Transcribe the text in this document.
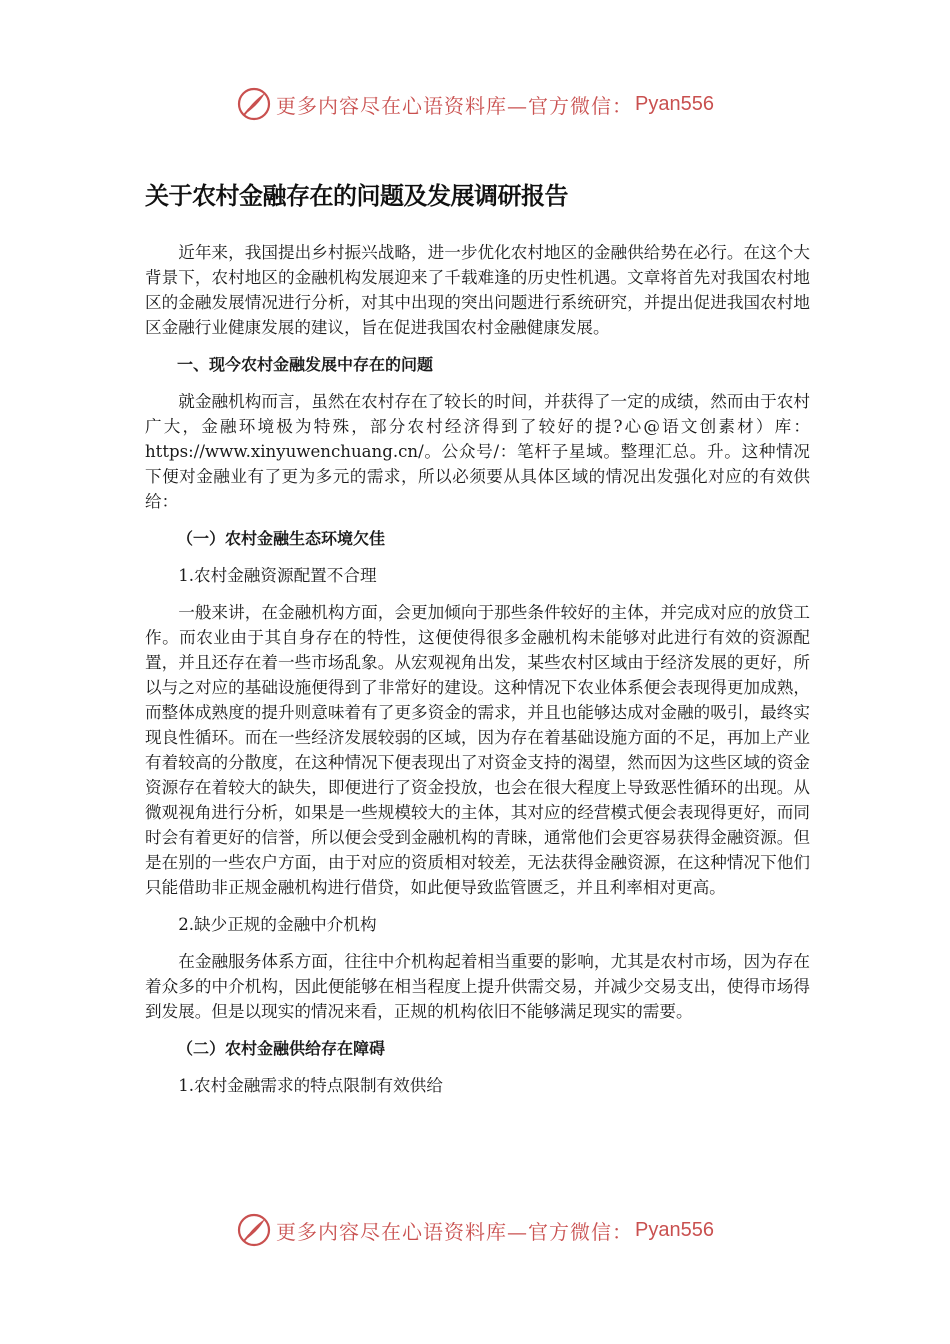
更多内容尽在心语资料库—官方微信： Pyan556
关于农村金融存在的问题及发展调研报告

近年来，我国提出乡村振兴战略，进一步优化农村地区的金融供给势在必行。在这个大背景下，农村地区的金融机构发展迎来了千载难逢的历史性机遇。文章将首先对我国农村地区的金融发展情况进行分析，对其中出现的突出问题进行系统研究，并提出促进我国农村地区金融行业健康发展的建议，旨在促进我国农村金融健康发展。

一、现今农村金融发展中存在的问题

就金融机构而言，虽然在农村存在了较长的时间，并获得了一定的成绩，然而由于农村广大，金融环境极为特殊，部分农村经济得到了较好的提?心@语文创素材）库：https://www.xinyuwenchuang.cn/。公众号/：笔杆子星域。整理汇总。升。这种情况下便对金融业有了更为多元的需求，所以必须要从具体区域的情况出发强化对应的有效供给：

（一）农村金融生态环境欠佳

1.农村金融资源配置不合理

一般来讲，在金融机构方面，会更加倾向于那些条件较好的主体，并完成对应的放贷工作。而农业由于其自身存在的特性，这便使得很多金融机构未能够对此进行有效的资源配置，并且还存在着一些市场乱象。从宏观视角出发，某些农村区域由于经济发展的更好，所以与之对应的基础设施便得到了非常好的建设。这种情况下农业体系便会表现得更加成熟，而整体成熟度的提升则意味着有了更多资金的需求，并且也能够达成对金融的吸引，最终实现良性循环。而在一些经济发展较弱的区域，因为存在着基础设施方面的不足，再加上产业有着较高的分散度，在这种情况下便表现出了对资金支持的渴望，然而因为这些区域的资金资源存在着较大的缺失，即便进行了资金投放，也会在很大程度上导致恶性循环的出现。从微观视角进行分析，如果是一些规模较大的主体，其对应的经营模式便会表现得更好，而同时会有着更好的信誉，所以便会受到金融机构的青睐，通常他们会更容易获得金融资源。但是在别的一些农户方面，由于对应的资质相对较差，无法获得金融资源，在这种情况下他们只能借助非正规金融机构进行借贷，如此便导致监管匮乏，并且利率相对更高。

2.缺少正规的金融中介机构

在金融服务体系方面，往往中介机构起着相当重要的影响，尤其是农村市场，因为存在着众多的中介机构，因此便能够在相当程度上提升供需交易，并减少交易支出，使得市场得到发展。但是以现实的情况来看，正规的机构依旧不能够满足现实的需要。

（二）农村金融供给存在障碍

1.农村金融需求的特点限制有效供给

更多内容尽在心语资料库—官方微信： Pyan556
